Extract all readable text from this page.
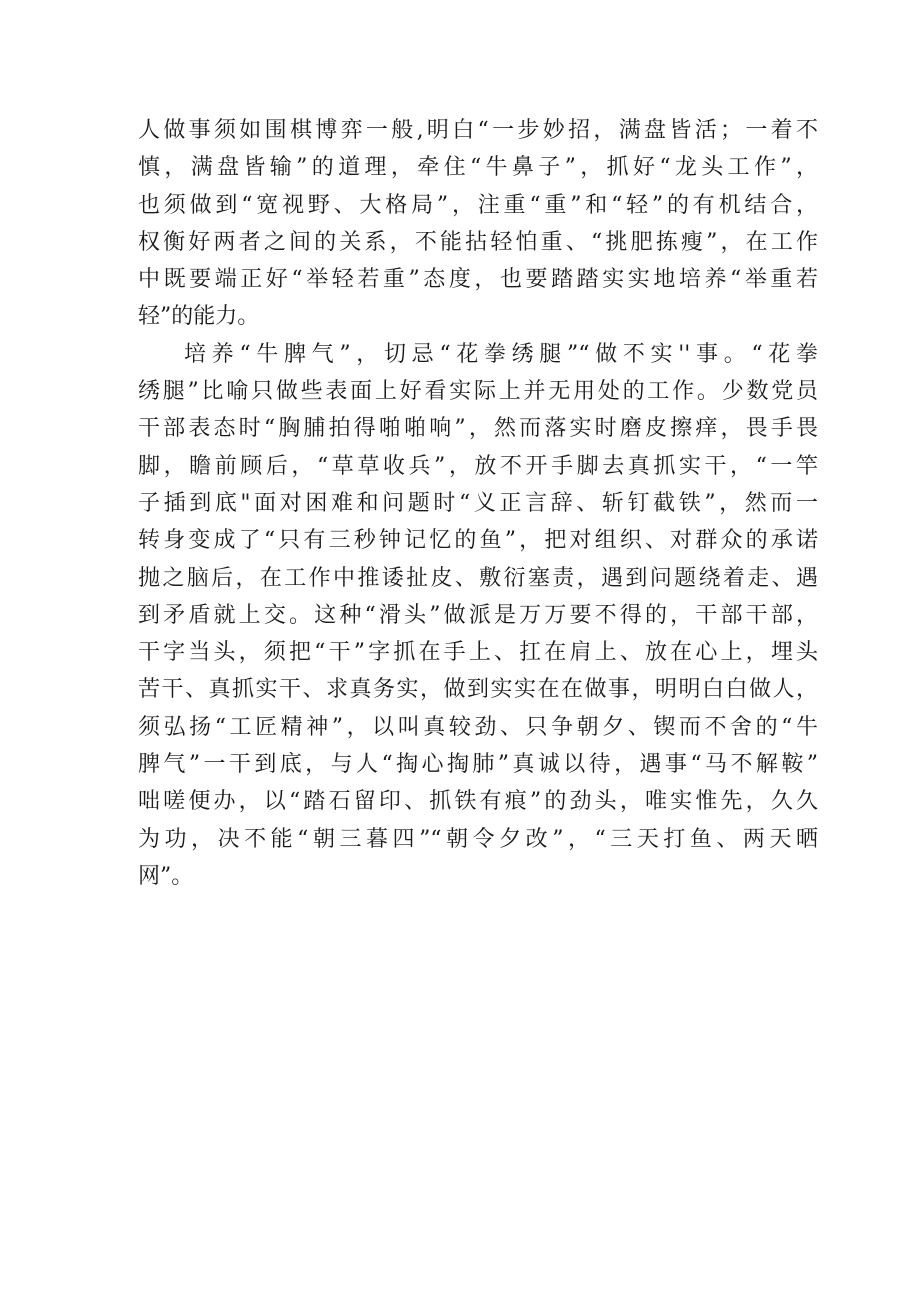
人做事须如围棋博弈一般,明白“一步妙招，满盘皆活；一着不
慎，满盘皆输”的道理，牵住“牛鼻子”，抓好“龙头工作”，
也须做到“宽视野、大格局”，注重“重”和“轻”的有机结合，
权衡好两者之间的关系，不能拈轻怕重、“挑肥拣瘦”，在工作
中既要端正好“举轻若重”态度，也要踏踏实实地培养“举重若
轻”的能力。
培养“牛脾气”，切忌“花拳绣腿”“做不实''事。“花拳
绣腿”比喻只做些表面上好看实际上并无用处的工作。少数党员
干部表态时“胸脯拍得啪啪响”，然而落实时磨皮擦痒，畏手畏
脚，瞻前顾后，“草草收兵”，放不开手脚去真抓实干，“一竿
子插到底"面对困难和问题时“义正言辞、斩钉截铁”，然而一
转身变成了“只有三秒钟记忆的鱼”，把对组织、对群众的承诺
抛之脑后，在工作中推诿扯皮、敷衍塞责，遇到问题绕着走、遇
到矛盾就上交。这种“滑头”做派是万万要不得的，干部干部，
干字当头，须把“干”字抓在手上、扛在肩上、放在心上，埋头
苦干、真抓实干、求真务实，做到实实在在做事，明明白白做人，
须弘扬“工匠精神”，以叫真较劲、只争朝夕、锲而不舍的“牛
脾气”一干到底，与人“掏心掏肺”真诚以待，遇事“马不解鞍”
咄嗟便办，以“踏石留印、抓铁有痕”的劲头，唯实惟先，久久
为功，决不能“朝三暮四”“朝令夕改”，“三天打鱼、两天晒
网”。
